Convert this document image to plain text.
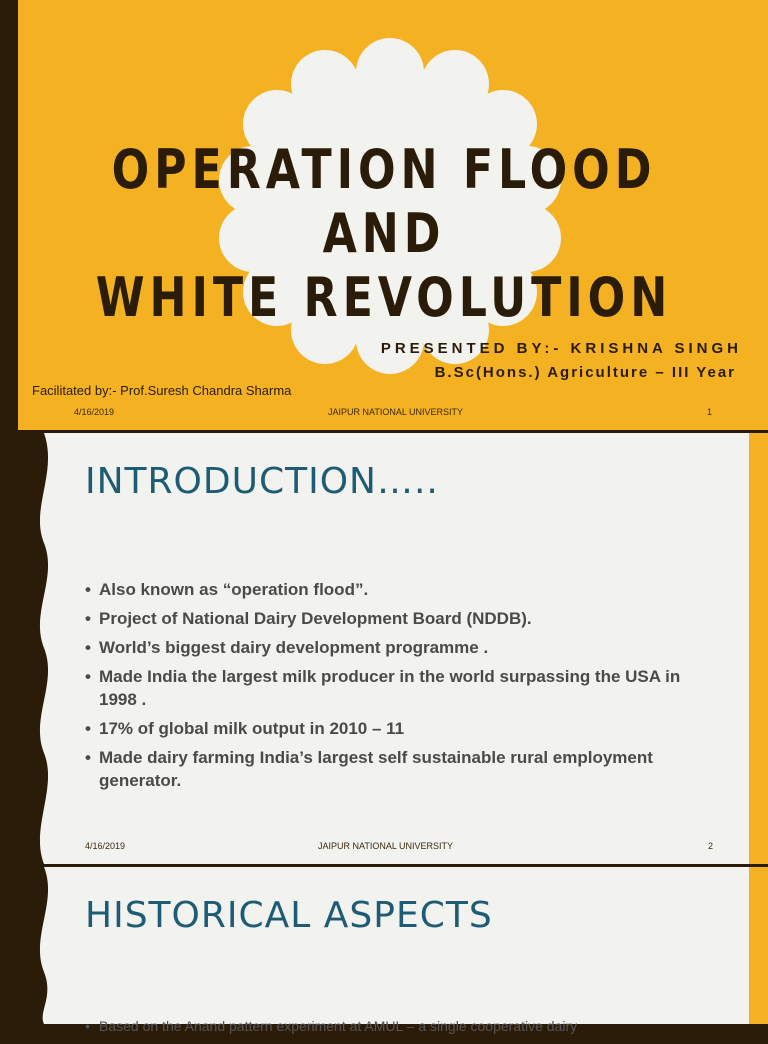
OPERATION FLOOD AND
WHITE REVOLUTION
PRESENTED BY:- KRISHNA SINGH
B.Sc(Hons.) Agriculture – III Year
Facilitated by:- Prof.Suresh Chandra Sharma
4/16/2019	JAIPUR NATIONAL UNIVERSITY	1
INTRODUCTION…..
• Also known as “operation flood”.
• Project of National Dairy Development Board (NDDB).
• World’s biggest dairy development programme .
• Made India the largest milk producer in the world surpassing the USA in 1998 .
• 17% of global milk output in 2010 – 11
• Made dairy farming India’s largest self sustainable rural employment generator.
4/16/2019	JAIPUR NATIONAL UNIVERSITY	2
HISTORICAL ASPECTS
• Based on the Anand pattern experiment at AMUL – a single cooperative dairy
